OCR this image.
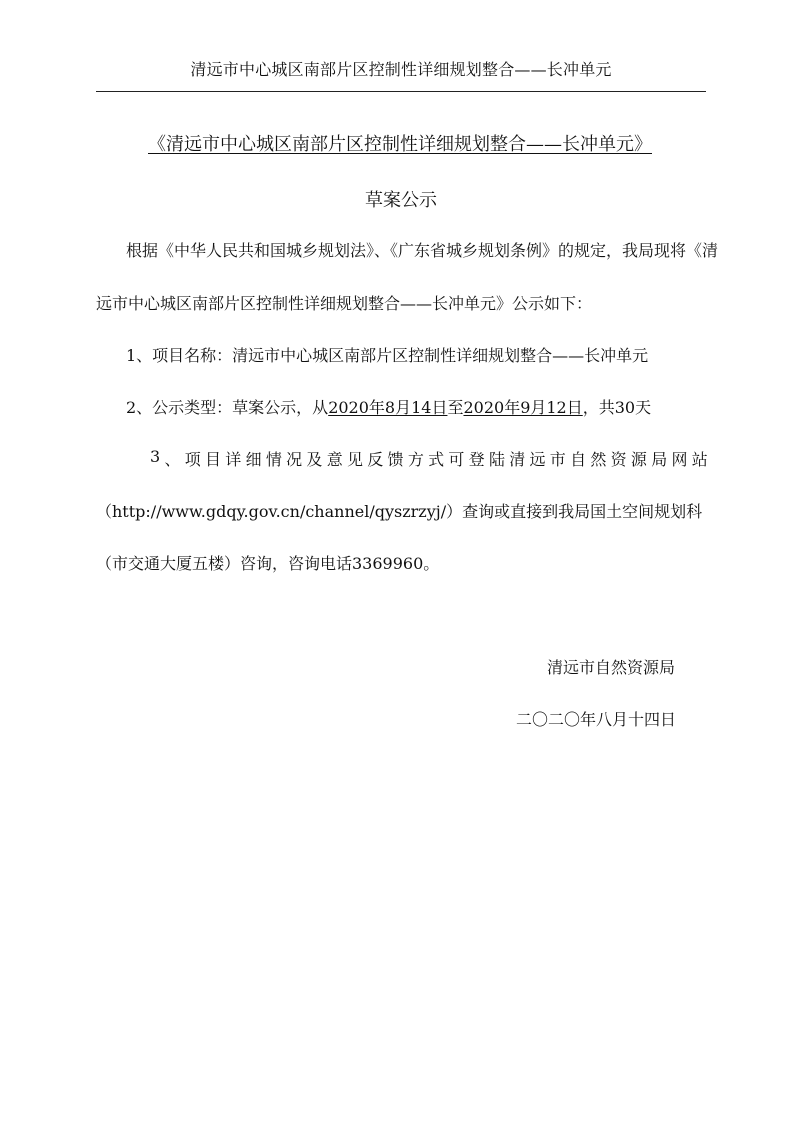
清远市中心城区南部片区控制性详细规划整合——长冲单元
《清远市中心城区南部片区控制性详细规划整合——长冲单元》
草案公示
根据《中华人民共和国城乡规划法》、《广东省城乡规划条例》的规定，我局现将《清
远市中心城区南部片区控制性详细规划整合——长冲单元》公示如下：
1、项目名称：清远市中心城区南部片区控制性详细规划整合——长冲单元
2、公示类型：草案公示，从2020年8月14日至2020年9月12日，共30天
3 、 项 目 详 细 情 况 及 意 见 反 馈 方 式 可 登 陆 清 远 市 自 然 资 源 局 网 站
（http://www.gdqy.gov.cn/channel/qyszrzyj/）查询或直接到我局国土空间规划科
（市交通大厦五楼）咨询，咨询电话3369960。
清远市自然资源局
二〇二〇年八月十四日
